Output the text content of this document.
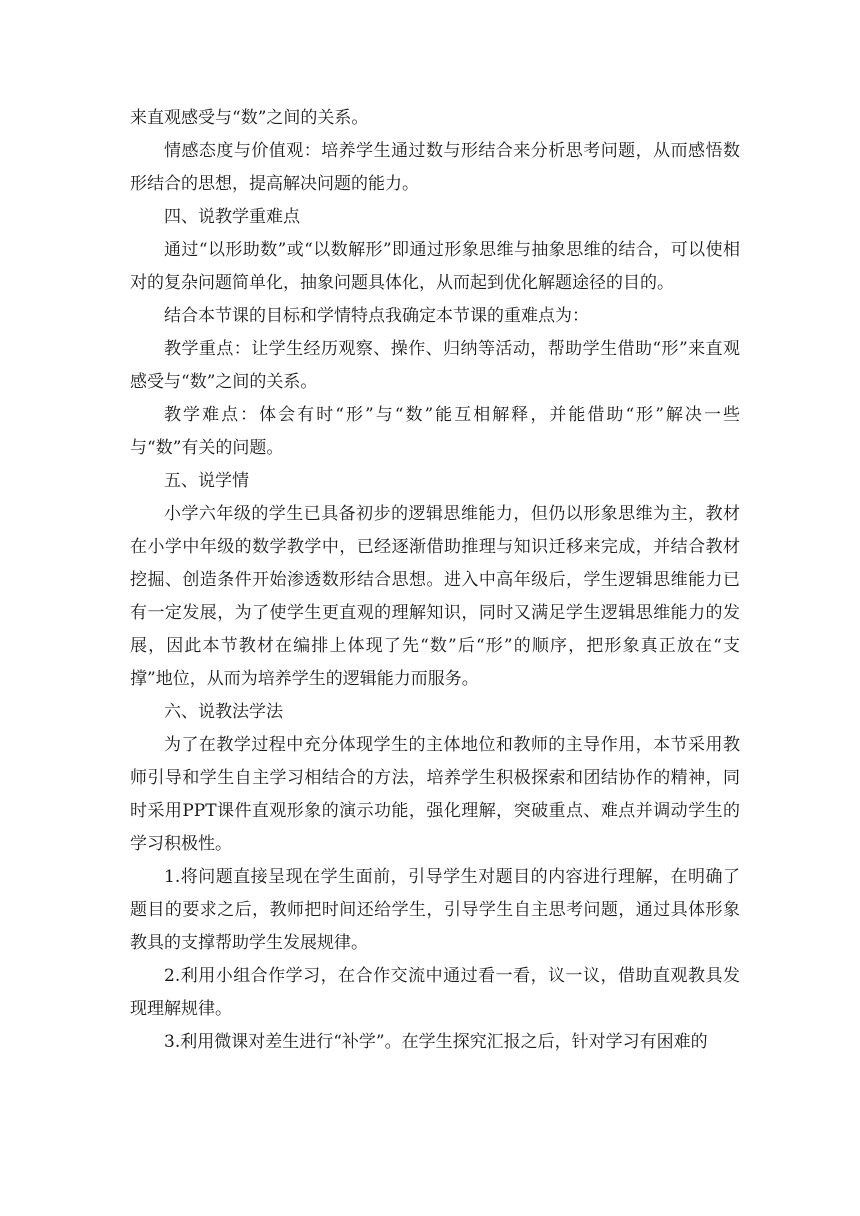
来直观感受与“数”之间的关系。

情感态度与价值观：培养学生通过数与形结合来分析思考问题，从而感悟数形结合的思想，提高解决问题的能力。

四、说教学重难点

通过“以形助数”或“以数解形”即通过形象思维与抽象思维的结合，可以使相对的复杂问题简单化，抽象问题具体化，从而起到优化解题途径的目的。

结合本节课的目标和学情特点我确定本节课的重难点为：

教学重点：让学生经历观察、操作、归纳等活动，帮助学生借助“形”来直观感受与“数”之间的关系。

教学难点：体会有时“形”与“数”能互相解释，并能借助“形”解决一些与“数”有关的问题。

五、说学情

小学六年级的学生已具备初步的逻辑思维能力，但仍以形象思维为主，教材在小学中年级的数学教学中，已经逐渐借助推理与知识迁移来完成，并结合教材挖掘、创造条件开始渗透数形结合思想。进入中高年级后，学生逻辑思维能力已有一定发展，为了使学生更直观的理解知识，同时又满足学生逻辑思维能力的发展，因此本节教材在编排上体现了先“数”后“形”的顺序，把形象真正放在“支撑”地位，从而为培养学生的逻辑能力而服务。

六、说教法学法

为了在教学过程中充分体现学生的主体地位和教师的主导作用，本节采用教师引导和学生自主学习相结合的方法，培养学生积极探索和团结协作的精神，同时采用PPT课件直观形象的演示功能，强化理解，突破重点、难点并调动学生的学习积极性。

1.将问题直接呈现在学生面前，引导学生对题目的内容进行理解，在明确了题目的要求之后，教师把时间还给学生，引导学生自主思考问题，通过具体形象教具的支撑帮助学生发展规律。

2.利用小组合作学习，在合作交流中通过看一看，议一议，借助直观教具发现理解规律。

3.利用微课对差生进行“补学”。在学生探究汇报之后，针对学习有困难的
